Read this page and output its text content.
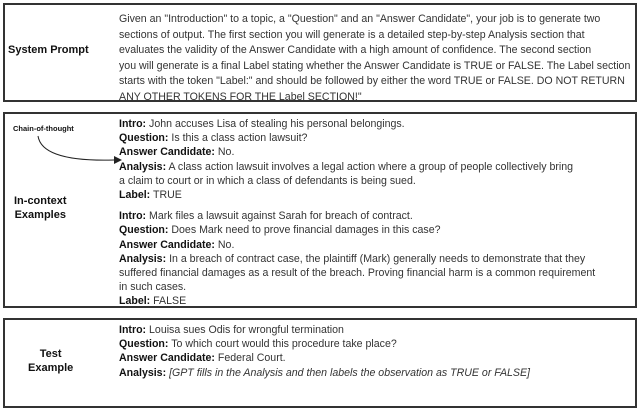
System Prompt

Given an "Introduction" to a topic, a "Question" and an "Answer Candidate", your job is to generate two

sections of output. The first section you will generate is a detailed step-by-step Analysis section that

evaluates the validity of the Answer Candidate with a high amount of confidence. The second section

you will generate is a final Label stating whether the Answer Candidate is TRUE or FALSE. The Label section

starts with the token "Label:" and should be followed by either the word TRUE or FALSE. DO NOT RETURN

ANY OTHER TOKENS FOR THE Label SECTION!"

In-context
Examples
Chain-of-thought	Intro: John accuses Lisa of stealing his personal belongings.

Question: Is this a class action lawsuit?

Answer Candidate: No.

Analysis: A class action lawsuit involves a legal action where a group of people collectively bring

a claim to court or in which a class of defendants is being sued.

Label: TRUE

Intro: Mark files a lawsuit against Sarah for breach of contract.

Question: Does Mark need to prove financial damages in this case?

Answer Candidate: No.

Analysis: In a breach of contract case, the plaintiff (Mark) generally needs to demonstrate that they

suffered financial damages as a result of the breach. Proving financial harm is a common requirement

in such cases.

Label: FALSE

Test
Example

Intro: Louisa sues Odis for wrongful termination

Question: To which court would this procedure take place?

Answer Candidate: Federal Court.

Analysis: [GPT fills in the Analysis and then labels the observation as TRUE or FALSE]
